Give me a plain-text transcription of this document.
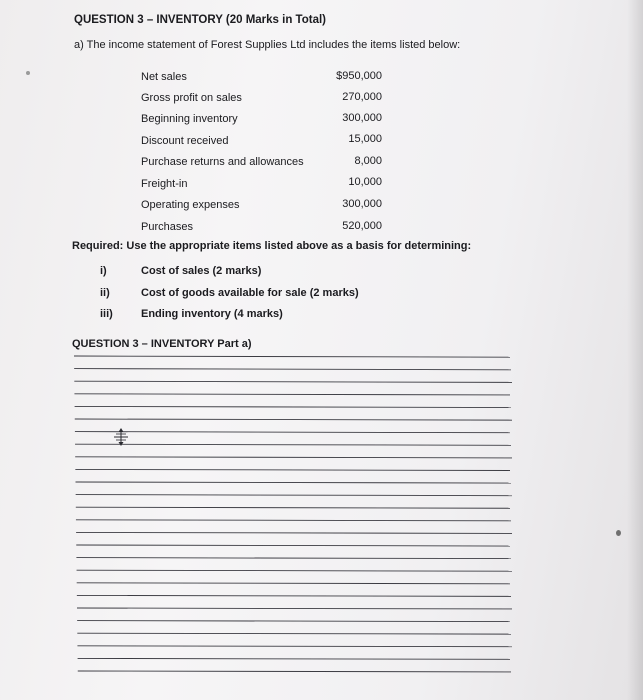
QUESTION 3 – INVENTORY (20 Marks in Total)
a) The income statement of Forest Supplies Ltd includes the items listed below:
Net sales	$950,000
Gross profit on sales	270,000
Beginning inventory	300,000
Discount received	15,000
Purchase returns and allowances	8,000
Freight-in	10,000
Operating expenses	300,000
Purchases	520,000
Required: Use the appropriate items listed above as a basis for determining:
i)	Cost of sales (2 marks)
ii)	Cost of goods available for sale (2 marks)
iii)	Ending inventory (4 marks)
QUESTION 3 – INVENTORY Part a)
